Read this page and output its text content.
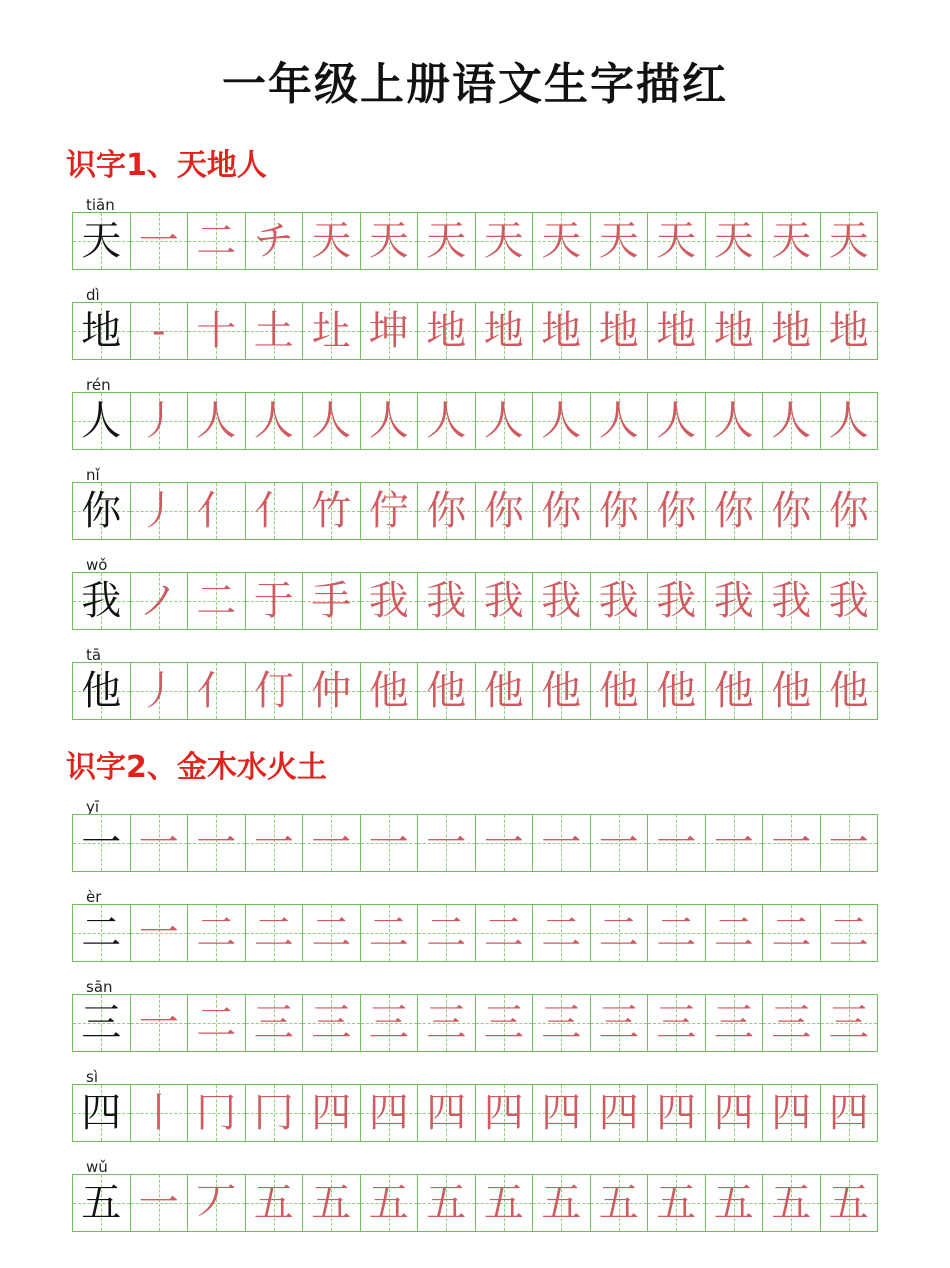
一年级上册语文生字描红
识字1、天地人
tiān
天 一 二 チ 天 天 天 天 天 天 天 天 天 天
dì
地 - 十 土 圵 坤 地 地 地 地 地 地 地 地
rén
人 丿 人 人 人 人 人 人 人 人 人 人 人 人
nǐ
你 丿 亻 亻 竹 佇 你 你 你 你 你 你 你 你
wǒ
我 ノ 二 于 手 我 我 我 我 我 我 我 我 我
tā
他 丿 亻 仃 仲 他 他 他 他 他 他 他 他 他
识字2、金木水火土
yī
一 一 一 一 一 一 一 一 一 一 一 一 一 一
èr
二 一 二 二 二 二 二 二 二 二 二 二 二 二
sān
三 一 二 三 三 三 三 三 三 三 三 三 三 三
sì
四 丨 冂 冂 四 四 四 四 四 四 四 四 四 四
wǔ
五 一 丆 五 五 五 五 五 五 五 五 五 五 五
